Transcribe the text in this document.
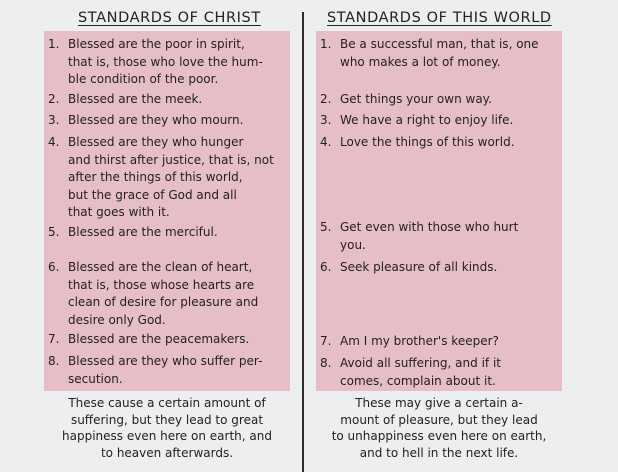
STANDARDS OF CHRIST	STANDARDS OF THIS WORLD
1. Blessed are the poor in spirit,
that is, those who love the hum-
ble condition of the poor.
2. Blessed are the meek.
3. Blessed are they who mourn.
4. Blessed are they who hunger
and thirst after justice, that is, not
after the things of this world,
but the grace of God and all
that goes with it.
5. Blessed are the merciful.
6. Blessed are the clean of heart,
that is, those whose hearts are
clean of desire for pleasure and
desire only God.
7. Blessed are the peacemakers.
8. Blessed are they who suffer per-
secution.
1. Be a successful man, that is, one
who makes a lot of money.
2. Get things your own way.
3. We have a right to enjoy life.
4. Love the things of this world.
5. Get even with those who hurt
you.
6. Seek pleasure of all kinds.
7. Am I my brother's keeper?
8. Avoid all suffering, and if it
comes, complain about it.
These cause a certain amount of
suffering, but they lead to great
happiness even here on earth, and
to heaven afterwards.
These may give a certain a-
mount of pleasure, but they lead
to unhappiness even here on earth,
and to hell in the next life.
